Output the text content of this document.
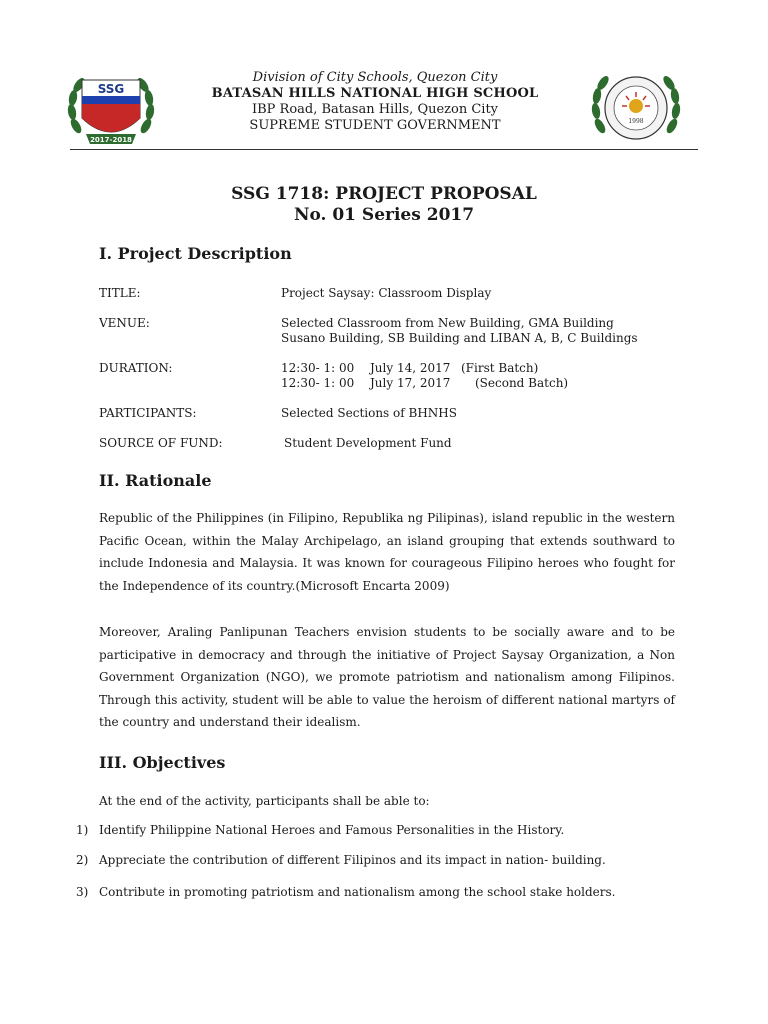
SSG
2017-2018
Division of City Schools, Quezon City
BATASAN HILLS NATIONAL HIGH SCHOOL
IBP Road, Batasan Hills, Quezon City
SUPREME STUDENT GOVERNMENT	1998
SSG 1718: PROJECT PROPOSAL
No. 01 Series 2017
I. Project Description
TITLE:	Project Saysay: Classroom Display
VENUE:	Selected Classroom from New Building, GMA Building
Susano Building, SB Building and LIBAN A, B, C Buildings
DURATION:	12:30- 1: 00 July 14, 2017 (First Batch)
12:30- 1: 00 July 17, 2017 (Second Batch)
PARTICIPANTS:	Selected Sections of BHNHS
SOURCE OF FUND:	Student Development Fund
II. Rationale

Republic of the Philippines (in Filipino, Republika ng Pilipinas), island republic in the western Pacific Ocean, within the Malay Archipelago, an island grouping that extends southward to include Indonesia and Malaysia. It was known for courageous Filipino heroes who fought for the Independence of its country.(Microsoft Encarta 2009)

Moreover, Araling Panlipunan Teachers envision students to be socially aware and to be participative in democracy and through the initiative of Project Saysay Organization, a Non Government Organization (NGO), we promote patriotism and nationalism among Filipinos. Through this activity, student will be able to value the heroism of different national martyrs of the country and understand their idealism.

III. Objectives
At the end of the activity, participants shall be able to:
1) Identify Philippine National Heroes and Famous Personalities in the History.
2) Appreciate the contribution of different Filipinos and its impact in nation- building.
3) Contribute in promoting patriotism and nationalism among the school stake holders.
